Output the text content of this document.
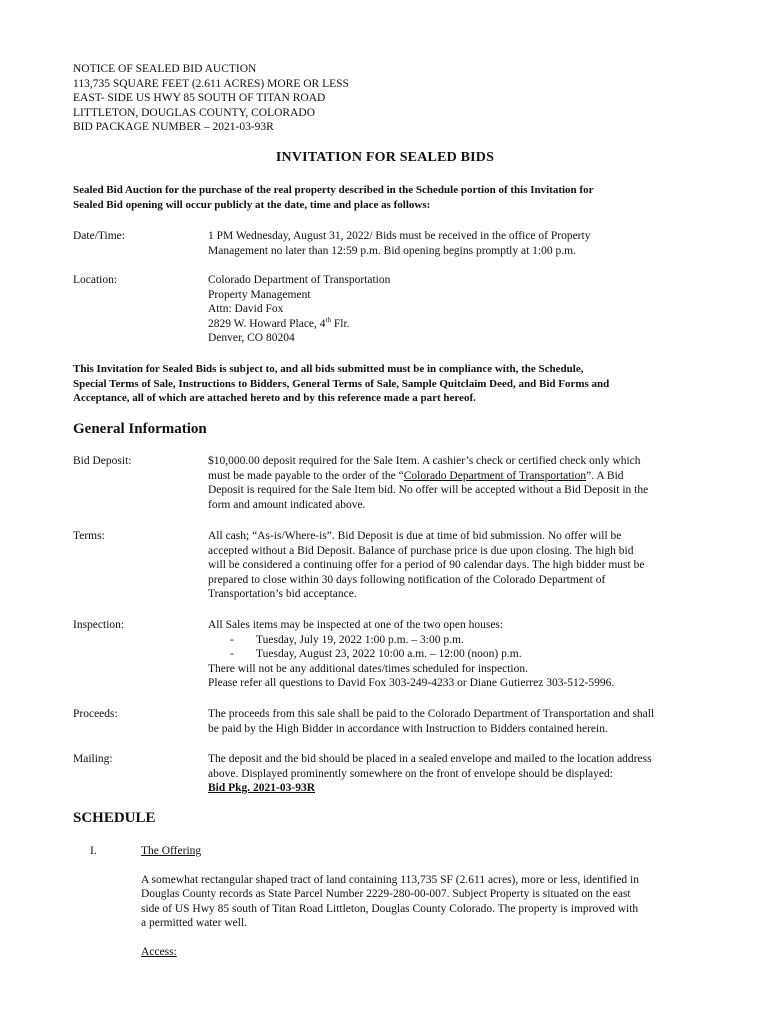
NOTICE OF SEALED BID AUCTION
113,735 SQUARE FEET (2.611 ACRES) MORE OR LESS
EAST- SIDE US HWY 85 SOUTH OF TITAN ROAD
LITTLETON, DOUGLAS COUNTY, COLORADO
BID PACKAGE NUMBER – 2021-03-93R
INVITATION FOR SEALED BIDS
Sealed Bid Auction for the purchase of the real property described in the Schedule portion of this Invitation for
Sealed Bid opening will occur publicly at the date, time and place as follows:
Date/Time:	1 PM Wednesday, August 31, 2022/ Bids must be received in the office of Property
Management no later than 12:59 p.m. Bid opening begins promptly at 1:00 p.m.
Location:	Colorado Department of Transportation
Property Management
Attn: David Fox
2829 W. Howard Place, 4th Flr.
Denver, CO 80204
This Invitation for Sealed Bids is subject to, and all bids submitted must be in compliance with, the Schedule,
Special Terms of Sale, Instructions to Bidders, General Terms of Sale, Sample Quitclaim Deed, and Bid Forms and
Acceptance, all of which are attached hereto and by this reference made a part hereof.
General Information
Bid Deposit:	$10,000.00 deposit required for the Sale Item. A cashier’s check or certified check only which
must be made payable to the order of the “Colorado Department of Transportation”. A Bid
Deposit is required for the Sale Item bid. No offer will be accepted without a Bid Deposit in the
form and amount indicated above.
Terms:	All cash; “As-is/Where-is”. Bid Deposit is due at time of bid submission. No offer will be
accepted without a Bid Deposit. Balance of purchase price is due upon closing. The high bid
will be considered a continuing offer for a period of 90 calendar days. The high bidder must be
prepared to close within 30 days following notification of the Colorado Department of
Transportation’s bid acceptance.
Inspection:	All Sales items may be inspected at one of the two open houses:
- Tuesday, July 19, 2022 1:00 p.m. – 3:00 p.m.
- Tuesday, August 23, 2022 10:00 a.m. – 12:00 (noon) p.m.
There will not be any additional dates/times scheduled for inspection.
Please refer all questions to David Fox 303-249-4233 or Diane Gutierrez 303-512-5996.
Proceeds:	The proceeds from this sale shall be paid to the Colorado Department of Transportation and shall
be paid by the High Bidder in accordance with Instruction to Bidders contained herein.
Mailing:	The deposit and the bid should be placed in a sealed envelope and mailed to the location address
above. Displayed prominently somewhere on the front of envelope should be displayed:
Bid Pkg. 2021-03-93R
SCHEDULE
I.	The Offering
A somewhat rectangular shaped tract of land containing 113,735 SF (2.611 acres), more or less, identified in
Douglas County records as State Parcel Number 2229-280-00-007. Subject Property is situated on the east
side of US Hwy 85 south of Titan Road Littleton, Douglas County Colorado. The property is improved with
a permitted water well.
Access:
